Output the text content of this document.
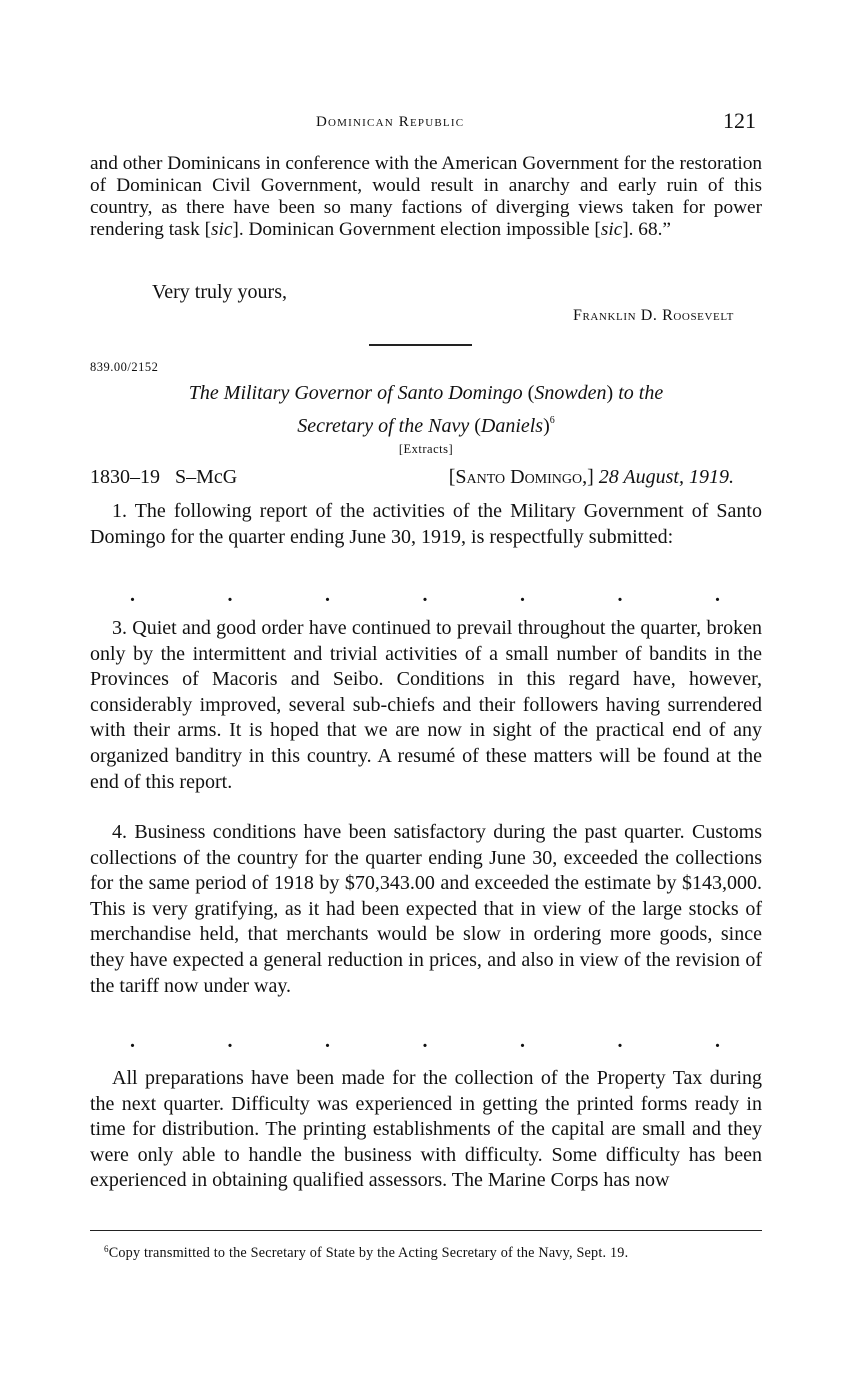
Dominican Republic	121

and other Dominicans in conference with the American Government for the restoration of Dominican Civil Government, would result in anarchy and early ruin of this country, as there have been so many factions of diverging views taken for power rendering task [sic]. Dominican Government election impossible [sic]. 68.”

Very truly yours,

Franklin D. Roosevelt

839.00/2152

The Military Governor of Santo Domingo (Snowden) to the
Secretary of the Navy (Daniels)$^6$

[Extracts]

1830–19   S–McG	[Santo Domingo,] 28 August, 1919.

1. The following report of the activities of the Military Government of Santo Domingo for the quarter ending June 30, 1919, is respectfully submitted:

.	.	.	.	.	.	.

3. Quiet and good order have continued to prevail throughout the quarter, broken only by the intermittent and trivial activities of a small number of bandits in the Provinces of Macoris and Seibo. Conditions in this regard have, however, considerably improved, several sub-chiefs and their followers having surrendered with their arms. It is hoped that we are now in sight of the practical end of any organized banditry in this country. A resumé of these matters will be found at the end of this report.

4. Business conditions have been satisfactory during the past quarter. Customs collections of the country for the quarter ending June 30, exceeded the collections for the same period of 1918 by $70,343.00 and exceeded the estimate by $143,000. This is very gratifying, as it had been expected that in view of the large stocks of merchandise held, that merchants would be slow in ordering more goods, since they have expected a general reduction in prices, and also in view of the revision of the tariff now under way.

.	.	.	.	.	.	.

All preparations have been made for the collection of the Property Tax during the next quarter. Difficulty was experienced in getting the printed forms ready in time for distribution. The printing establishments of the capital are small and they were only able to handle the business with difficulty. Some difficulty has been experienced in obtaining qualified assessors. The Marine Corps has now

$^6$Copy transmitted to the Secretary of State by the Acting Secretary of the Navy, Sept. 19.
